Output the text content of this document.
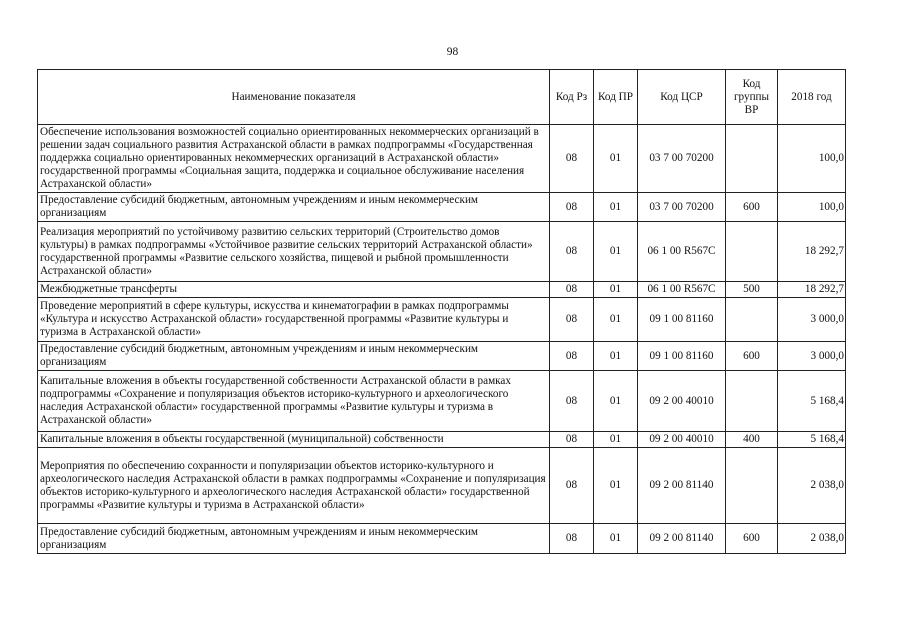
98
Наименование показателя	Код Рз	Код ПР	Код ЦСР	Код группы ВР	2018 год
Обеспечение использования возможностей социально ориентированных некоммерческих организаций в решении задач социального развития Астраханской области в рамках подпрограммы «Государственная поддержка социально ориентированных некоммерческих организаций в Астраханской области» государственной программы «Социальная защита, поддержка и социальное обслуживание населения Астраханской области»	08	01	03 7 00 70200		100,0
Предоставление субсидий бюджетным, автономным учреждениям и иным некоммерческим организациям	08	01	03 7 00 70200	600	100,0
Реализация мероприятий по устойчивому развитию сельских территорий (Строительство домов культуры) в рамках подпрограммы «Устойчивое развитие сельских территорий Астраханской области» государственной программы «Развитие сельского хозяйства, пищевой и рыбной промышленности Астраханской области»	08	01	06 1 00 R567C		18 292,7
Межбюджетные трансферты	08	01	06 1 00 R567C	500	18 292,7
Проведение мероприятий в сфере культуры, искусства и кинематографии в рамках подпрограммы «Культура и искусство Астраханской области» государственной программы «Развитие культуры и туризма в Астраханской области»	08	01	09 1 00 81160		3 000,0
Предоставление субсидий бюджетным, автономным учреждениям и иным некоммерческим организациям	08	01	09 1 00 81160	600	3 000,0
Капитальные вложения в объекты государственной собственности Астраханской области в рамках подпрограммы «Сохранение и популяризация объектов историко-культурного и археологического наследия Астраханской области» государственной программы «Развитие культуры и туризма в Астраханской области»	08	01	09 2 00 40010		5 168,4
Капитальные вложения в объекты государственной (муниципальной) собственности	08	01	09 2 00 40010	400	5 168,4
Мероприятия по обеспечению сохранности и популяризации объектов историко-культурного и археологического наследия Астраханской области в рамках подпрограммы «Сохранение и популяризация объектов историко-культурного и археологического наследия Астраханской области» государственной программы «Развитие культуры и туризма в Астраханской области»	08	01	09 2 00 81140		2 038,0
Предоставление субсидий бюджетным, автономным учреждениям и иным некоммерческим организациям	08	01	09 2 00 81140	600	2 038,0
